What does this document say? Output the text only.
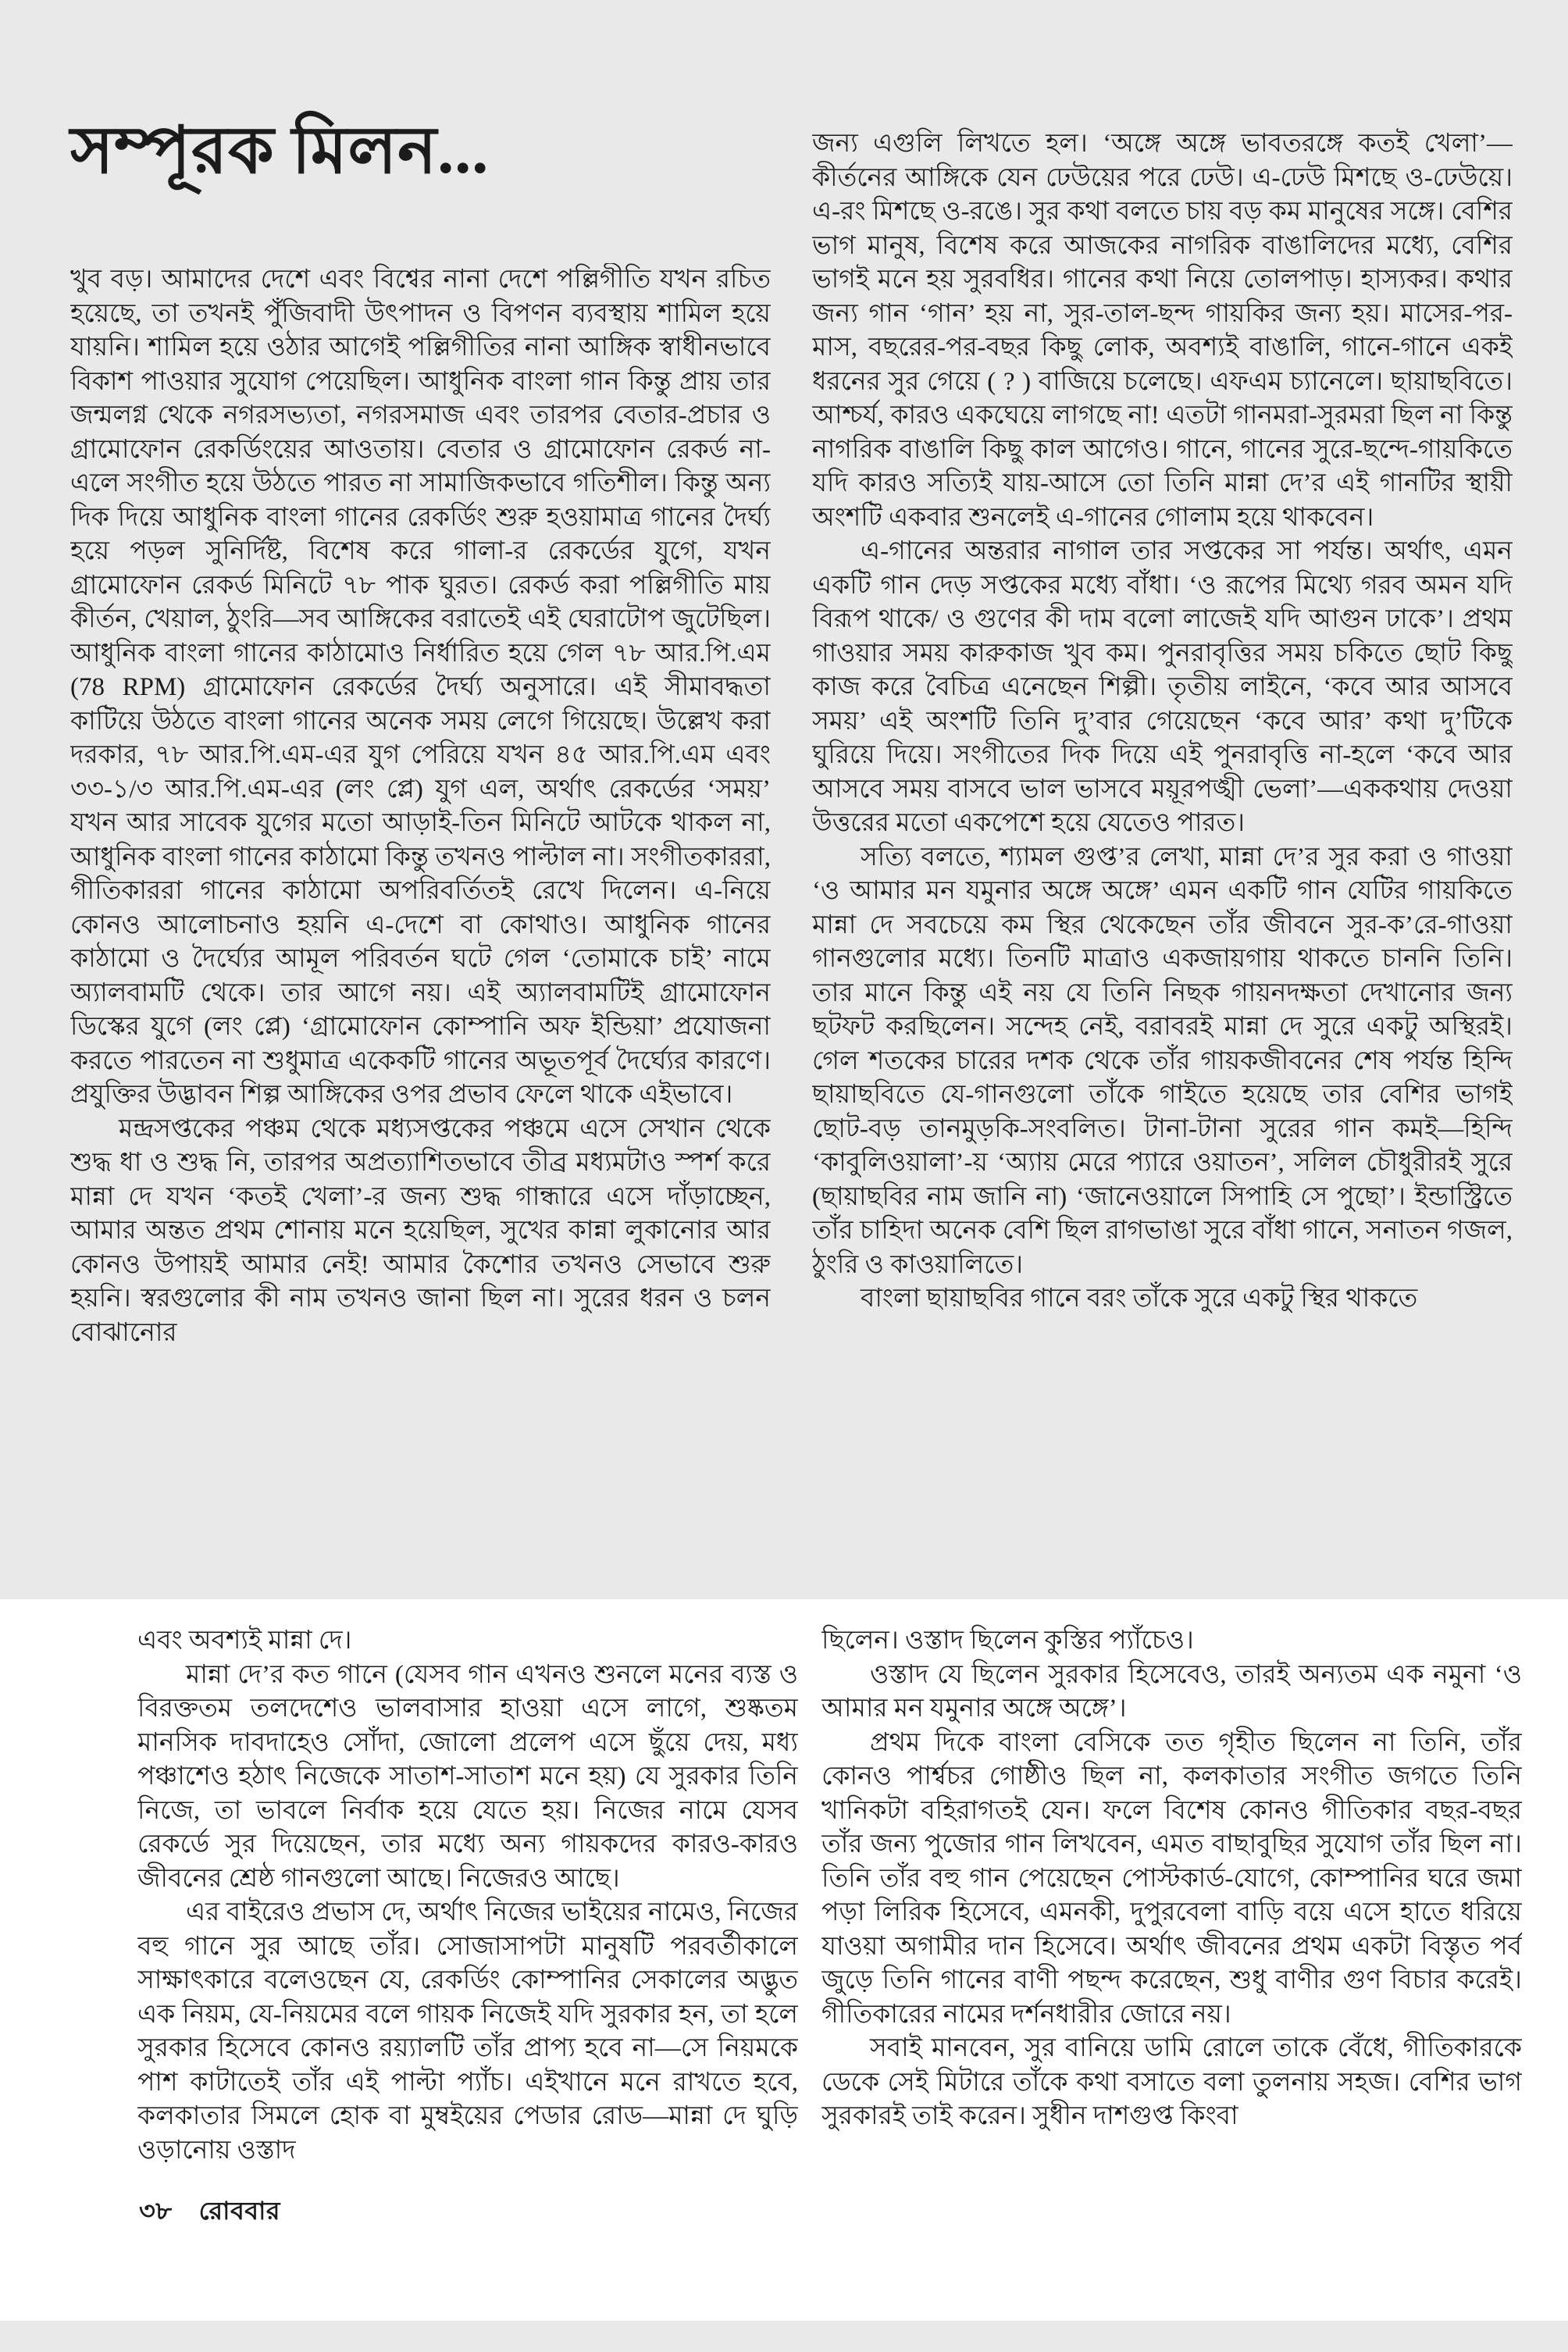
সম্পূরক মিলন...

খুব বড়। আমাদের দেশে এবং বিশ্বের নানা দেশে পল্লিগীতি যখন রচিত হয়েছে, তা তখনই পুঁজিবাদী উৎপাদন ও বিপণন ব্যবস্থায় শামিল হয়ে যায়নি। শামিল হয়ে ওঠার আগেই পল্লিগীতির নানা আঙ্গিক স্বাধীনভাবে বিকাশ পাওয়ার সুযোগ পেয়েছিল। আধুনিক বাংলা গান কিন্তু প্রায় তার জন্মলগ্ন থেকে নগরসভ্যতা, নগরসমাজ এবং তারপর বেতার-প্রচার ও গ্রামোফোন রেকর্ডিংয়ের আওতায়। বেতার ও গ্রামোফোন রেকর্ড না-এলে সংগীত হয়ে উঠতে পারত না সামাজিকভাবে গতিশীল। কিন্তু অন্য দিক দিয়ে আধুনিক বাংলা গানের রেকর্ডিং শুরু হওয়ামাত্র গানের দৈর্ঘ্য হয়ে পড়ল সুনির্দিষ্ট, বিশেষ করে গালা-র রেকর্ডের যুগে, যখন গ্রামোফোন রেকর্ড মিনিটে ৭৮ পাক ঘুরত। রেকর্ড করা পল্লিগীতি মায় কীর্তন, খেয়াল, ঠুংরি—সব আঙ্গিকের বরাতেই এই ঘেরাটোপ জুটেছিল। আধুনিক বাংলা গানের কাঠামোও নির্ধারিত হয়ে গেল ৭৮ আর.পি.এম (78 RPM) গ্রামোফোন রেকর্ডের দৈর্ঘ্য অনুসারে। এই সীমাবদ্ধতা কাটিয়ে উঠতে বাংলা গানের অনেক সময় লেগে গিয়েছে। উল্লেখ করা দরকার, ৭৮ আর.পি.এম-এর যুগ পেরিয়ে যখন ৪৫ আর.পি.এম এবং ৩৩-১/৩ আর.পি.এম-এর (লং প্লে) যুগ এল, অর্থাৎ রেকর্ডের ‘সময়’ যখন আর সাবেক যুগের মতো আড়াই-তিন মিনিটে আটকে থাকল না, আধুনিক বাংলা গানের কাঠামো কিন্তু তখনও পাল্টাল না। সংগীতকাররা, গীতিকাররা গানের কাঠামো অপরিবর্তিতই রেখে দিলেন। এ-নিয়ে কোনও আলোচনাও হয়নি এ-দেশে বা কোথাও। আধুনিক গানের কাঠামো ও দৈর্ঘ্যের আমূল পরিবর্তন ঘটে গেল ‘তোমাকে চাই’ নামে অ্যালবামটি থেকে। তার আগে নয়। এই অ্যালবামটিই গ্রামোফোন ডিস্কের যুগে (লং প্লে) ‘গ্রামোফোন কোম্পানি অফ ইন্ডিয়া’ প্রযোজনা করতে পারতেন না শুধুমাত্র একেকটি গানের অভূতপূর্ব দৈর্ঘ্যের কারণে। প্রযুক্তির উদ্ভাবন শিল্প আঙ্গিকের ওপর প্রভাব ফেলে থাকে এইভাবে।

মন্দ্রসপ্তকের পঞ্চম থেকে মধ্যসপ্তকের পঞ্চমে এসে সেখান থেকে শুদ্ধ ধা ও শুদ্ধ নি, তারপর অপ্রত্যাশিতভাবে তীব্র মধ্যমটাও স্পর্শ করে মান্না দে যখন ‘কতই খেলা’-র জন্য শুদ্ধ গান্ধারে এসে দাঁড়াচ্ছেন, আমার অন্তত প্রথম শোনায় মনে হয়েছিল, সুখের কান্না লুকানোর আর কোনও উপায়ই আমার নেই! আমার কৈশোর তখনও সেভাবে শুরু হয়নি। স্বরগুলোর কী নাম তখনও জানা ছিল না। সুরের ধরন ও চলন বোঝানোর

জন্য এগুলি লিখতে হল। ‘অঙ্গে অঙ্গে ভাবতরঙ্গে কতই খেলা’—কীর্তনের আঙ্গিকে যেন ঢেউয়ের পরে ঢেউ। এ-ঢেউ মিশছে ও-ঢেউয়ে। এ-রং মিশছে ও-রঙে। সুর কথা বলতে চায় বড় কম মানুষের সঙ্গে। বেশির ভাগ মানুষ, বিশেষ করে আজকের নাগরিক বাঙালিদের মধ্যে, বেশির ভাগই মনে হয় সুরবধির। গানের কথা নিয়ে তোলপাড়। হাস্যকর। কথার জন্য গান ‘গান’ হয় না, সুর-তাল-ছন্দ গায়কির জন্য হয়। মাসের-পর-মাস, বছরের-পর-বছর কিছু লোক, অবশ্যই বাঙালি, গানে-গানে একই ধরনের সুর গেয়ে ( ? ) বাজিয়ে চলেছে। এফএম চ্যানেলে। ছায়াছবিতে। আশ্চর্য, কারও একঘেয়ে লাগছে না! এতটা গানমরা-সুরমরা ছিল না কিন্তু নাগরিক বাঙালি কিছু কাল আগেও। গানে, গানের সুরে-ছন্দে-গায়কিতে যদি কারও সত্যিই যায়-আসে তো তিনি মান্না দে’র এই গানটির স্থায়ী অংশটি একবার শুনলেই এ-গানের গোলাম হয়ে থাকবেন।

এ-গানের অন্তরার নাগাল তার সপ্তকের সা পর্যন্ত। অর্থাৎ, এমন একটি গান দেড় সপ্তকের মধ্যে বাঁধা। ‘ও রূপের মিথ্যে গরব অমন যদি বিরূপ থাকে/ ও গুণের কী দাম বলো লাজেই যদি আগুন ঢাকে’। প্রথম গাওয়ার সময় কারুকাজ খুব কম। পুনরাবৃত্তির সময় চকিতে ছোট কিছু কাজ করে বৈচিত্র এনেছেন শিল্পী। তৃতীয় লাইনে, ‘কবে আর আসবে সময়’ এই অংশটি তিনি দু’বার গেয়েছেন ‘কবে আর’ কথা দু’টিকে ঘুরিয়ে দিয়ে। সংগীতের দিক দিয়ে এই পুনরাবৃত্তি না-হলে ‘কবে আর আসবে সময় বাসবে ভাল ভাসবে ময়ূরপঙ্খী ভেলা’—এককথায় দেওয়া উত্তরের মতো একপেশে হয়ে যেতেও পারত।

সত্যি বলতে, শ্যামল গুপ্ত’র লেখা, মান্না দে’র সুর করা ও গাওয়া ‘ও আমার মন যমুনার অঙ্গে অঙ্গে’ এমন একটি গান যেটির গায়কিতে মান্না দে সবচেয়ে কম স্থির থেকেছেন তাঁর জীবনে সুর-ক’রে-গাওয়া গানগুলোর মধ্যে। তিনটি মাত্রাও একজায়গায় থাকতে চাননি তিনি। তার মানে কিন্তু এই নয় যে তিনি নিছক গায়নদক্ষতা দেখানোর জন্য ছটফট করছিলেন। সন্দেহ নেই, বরাবরই মান্না দে সুরে একটু অস্থিরই। গেল শতকের চারের দশক থেকে তাঁর গায়কজীবনের শেষ পর্যন্ত হিন্দি ছায়াছবিতে যে-গানগুলো তাঁকে গাইতে হয়েছে তার বেশির ভাগই ছোট-বড় তানমুড়কি-সংবলিত। টানা-টানা সুরের গান কমই—হিন্দি ‘কাবুলিওয়ালা’-য় ‘অ্যায় মেরে প্যারে ওয়াতন’, সলিল চৌধুরীরই সুরে (ছায়াছবির নাম জানি না) ‘জানেওয়ালে সিপাহি সে পুছো’। ইন্ডাস্ট্রিতে তাঁর চাহিদা অনেক বেশি ছিল রাগভাঙা সুরে বাঁধা গানে, সনাতন গজল, ঠুংরি ও কাওয়ালিতে।

বাংলা ছায়াছবির গানে বরং তাঁকে সুরে একটু স্থির থাকতে

এবং অবশ্যই মান্না দে।

মান্না দে’র কত গানে (যেসব গান এখনও শুনলে মনের ব্যস্ত ও বিরক্ততম তলদেশেও ভালবাসার হাওয়া এসে লাগে, শুষ্কতম মানসিক দাবদাহেও সোঁদা, জোলো প্রলেপ এসে ছুঁয়ে দেয়, মধ্য পঞ্চাশেও হঠাৎ নিজেকে সাতাশ-সাতাশ মনে হয়) যে সুরকার তিনি নিজে, তা ভাবলে নির্বাক হয়ে যেতে হয়। নিজের নামে যেসব রেকর্ডে সুর দিয়েছেন, তার মধ্যে অন্য গায়কদের কারও-কারও জীবনের শ্রেষ্ঠ গানগুলো আছে। নিজেরও আছে।

এর বাইরেও প্রভাস দে, অর্থাৎ নিজের ভাইয়ের নামেও, নিজের বহু গানে সুর আছে তাঁর। সোজাসাপটা মানুষটি পরবর্তীকালে সাক্ষাৎকারে বলেওছেন যে, রেকর্ডিং কোম্পানির সেকালের অদ্ভুত এক নিয়ম, যে-নিয়মের বলে গায়ক নিজেই যদি সুরকার হন, তা হলে সুরকার হিসেবে কোনও রয়্যালটি তাঁর প্রাপ্য হবে না—সে নিয়মকে পাশ কাটাতেই তাঁর এই পাল্টা প্যাঁচ। এইখানে মনে রাখতে হবে, কলকাতার সিমলে হোক বা মুম্বইয়ের পেডার রোড—মান্না দে ঘুড়ি ওড়ানোয় ওস্তাদ

ছিলেন। ওস্তাদ ছিলেন কুস্তির প্যাঁচেও।

ওস্তাদ যে ছিলেন সুরকার হিসেবেও, তারই অন্যতম এক নমুনা ‘ও আমার মন যমুনার অঙ্গে অঙ্গে’।

প্রথম দিকে বাংলা বেসিকে তত গৃহীত ছিলেন না তিনি, তাঁর কোনও পার্শ্বচর গোষ্ঠীও ছিল না, কলকাতার সংগীত জগতে তিনি খানিকটা বহিরাগতই যেন। ফলে বিশেষ কোনও গীতিকার বছর-বছর তাঁর জন্য পুজোর গান লিখবেন, এমত বাছাবুছির সুযোগ তাঁর ছিল না। তিনি তাঁর বহু গান পেয়েছেন পোস্টকার্ড-যোগে, কোম্পানির ঘরে জমা পড়া লিরিক হিসেবে, এমনকী, দুপুরবেলা বাড়ি বয়ে এসে হাতে ধরিয়ে যাওয়া অগামীর দান হিসেবে। অর্থাৎ জীবনের প্রথম একটা বিস্তৃত পর্ব জুড়ে তিনি গানের বাণী পছন্দ করেছেন, শুধু বাণীর গুণ বিচার করেই। গীতিকারের নামের দর্শনধারীর জোরে নয়।

সবাই মানবেন, সুর বানিয়ে ডামি রোলে তাকে বেঁধে, গীতিকারকে ডেকে সেই মিটারে তাঁকে কথা বসাতে বলা তুলনায় সহজ। বেশির ভাগ সুরকারই তাই করেন। সুধীন দাশগুপ্ত কিংবা

৩৮ রোববার
